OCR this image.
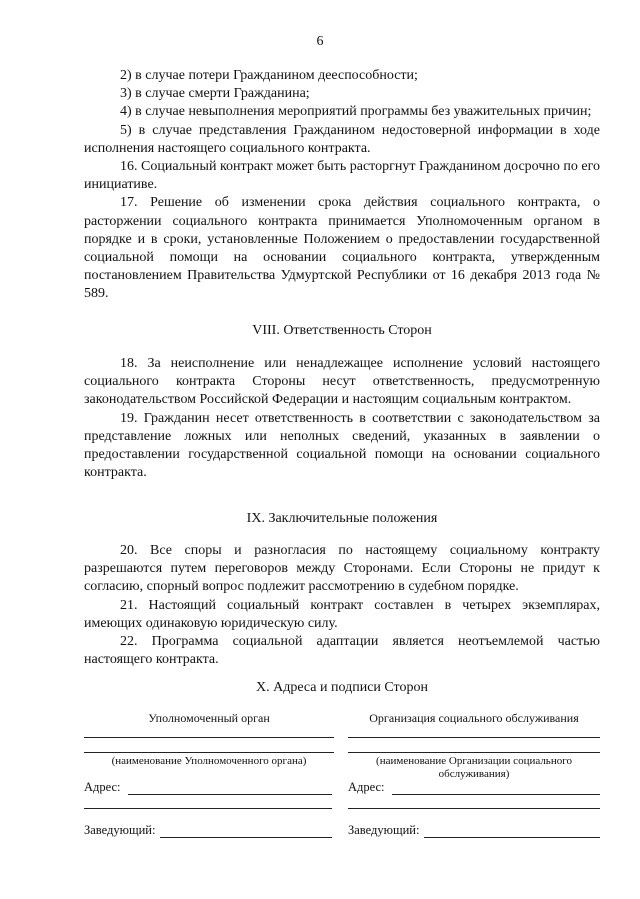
6

2) в случае потери Гражданином дееспособности;

3) в случае смерти Гражданина;

4) в случае невыполнения мероприятий программы без уважительных причин;

5) в случае представления Гражданином недостоверной информации в ходе исполнения настоящего социального контракта.

16. Социальный контракт может быть расторгнут Гражданином досрочно по его инициативе.

17. Решение об изменении срока действия социального контракта, о расторжении социального контракта принимается Уполномоченным органом в порядке и в сроки, установленные Положением о предоставлении государственной социальной помощи на основании социального контракта, утвержденным постановлением Правительства Удмуртской Республики от 16 декабря 2013 года № 589.

VIII. Ответственность Сторон

18. За неисполнение или ненадлежащее исполнение условий настоящего социального контракта Стороны несут ответственность, предусмотренную законодательством Российской Федерации и настоящим социальным контрактом.

19. Гражданин несет ответственность в соответствии с законодательством за представление ложных или неполных сведений, указанных в заявлении о предоставлении государственной социальной помощи на основании социального контракта.

IX. Заключительные положения

20. Все споры и разногласия по настоящему социальному контракту разрешаются путем переговоров между Сторонами. Если Стороны не придут к согласию, спорный вопрос подлежит рассмотрению в судебном порядке.

21. Настоящий социальный контракт составлен в четырех экземплярах, имеющих одинаковую юридическую силу.

22. Программа социальной адаптации является неотъемлемой частью настоящего контракта.

X. Адреса и подписи Сторон

Уполномоченный орган
(наименование Уполномоченного органа)
Адрес:
Заведующий:
Организация социального обслуживания
(наименование Организации социального обслуживания)
Адрес:
Заведующий:
